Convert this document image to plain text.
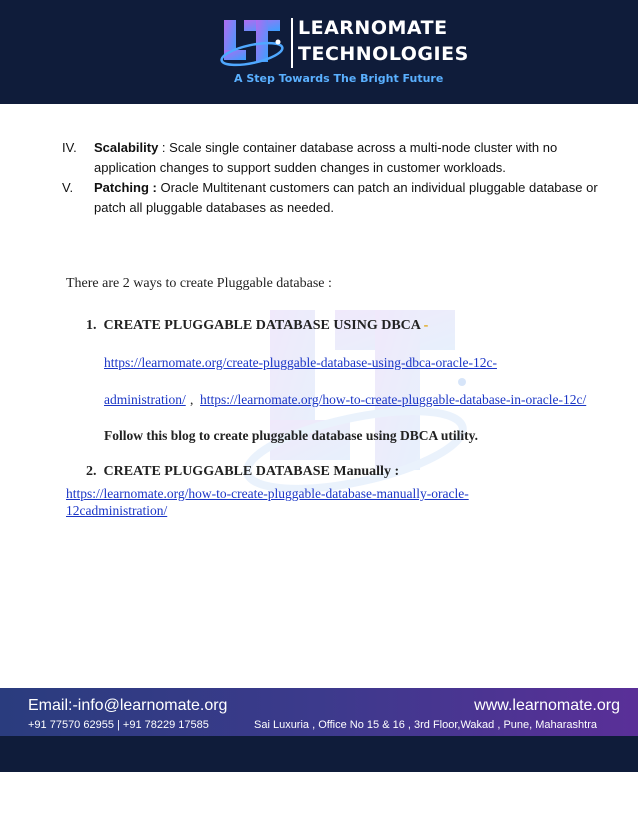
LEARNOMATE
TECHNOLOGIES
A Step Towards The Bright Future
IV. Scalability : Scale single container database across a multi-node cluster with no application changes to support sudden changes in customer workloads.
V. Patching : Oracle Multitenant customers can patch an individual pluggable database or patch all pluggable databases as needed.
There are 2 ways to create Pluggable database :
1. CREATE PLUGGABLE DATABASE USING DBCA -
https://learnomate.org/create-pluggable-database-using-dbca-oracle-12c-
administration/ , https://learnomate.org/how-to-create-pluggable-database-in-oracle-12c/
Follow this blog to create pluggable database using DBCA utility.
2. CREATE PLUGGABLE DATABASE Manually :
https://learnomate.org/how-to-create-pluggable-database-manually-oracle-
12cadministration/
Email:-info@learnomate.org	www.learnomate.org
+91 77570 62955 | +91 78229 17585	Sai Luxuria , Office No 15 & 16 , 3rd Floor,Wakad , Pune, Maharashtra
